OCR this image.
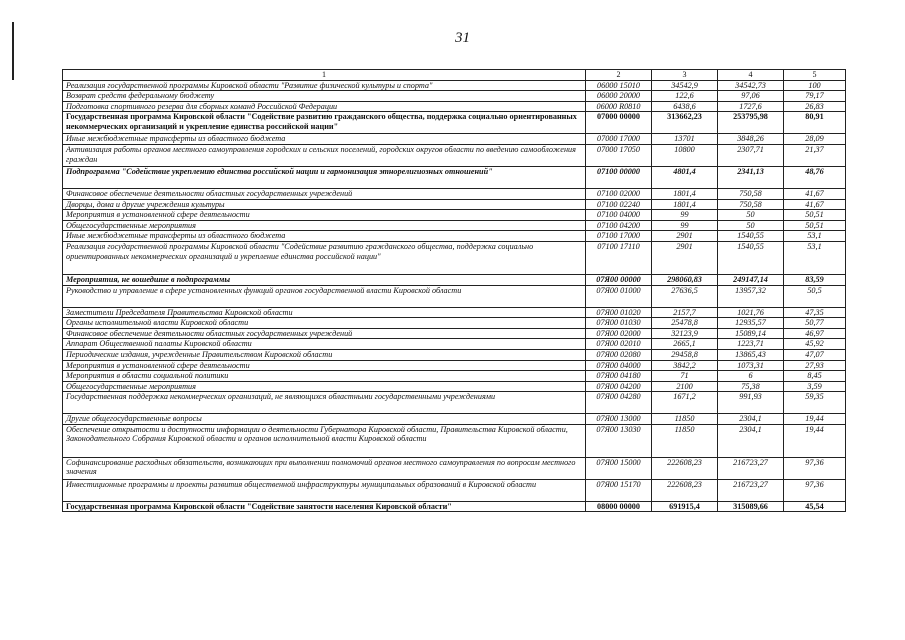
31
1	2	3	4	5
Реализация государственной программы Кировской области "Развитие физической культуры и спорта"	06000 15010	34542,9	34542,73	100
Возврат средств федеральному бюджету	06000 20000	122,6	97,06	79,17
Подготовка спортивного резерва для сборных команд Российской Федерации	06000 R0810	6438,6	1727,6	26,83
Государственная программа Кировской области "Содействие развитию гражданского общества, поддержка социально ориентированных некоммерческих организаций и укрепление единства российской нации"	07000 00000	313662,23	253795,98	80,91
Иные межбюджетные трансферты из областного бюджета	07000 17000	13701	3848,26	28,09
Активизация работы органов местного самоуправления городских и сельских поселений, городских округов области по введению самообложения граждан	07000 17050	10800	2307,71	21,37
Подпрограмма "Содействие укреплению единства российской нации и гармонизация этнорелигиозных отношений"	07100 00000	4801,4	2341,13	48,76
Финансовое обеспечение деятельности областных государственных учреждений	07100 02000	1801,4	750,58	41,67
Дворцы, дома и другие учреждения культуры	07100 02240	1801,4	750,58	41,67
Мероприятия в установленной сфере деятельности	07100 04000	99	50	50,51
Общегосударственные мероприятия	07100 04200	99	50	50,51
Иные межбюджетные трансферты из областного бюджета	07100 17000	2901	1540,55	53,1
Реализация государственной программы Кировской области "Содействие развитию гражданского общества, поддержка социально ориентированных некоммерческих организаций и укрепление единства российской нации"	07100 17110	2901	1540,55	53,1
Мероприятия, не вошедшие в подпрограммы	07Я00 00000	298060,83	249147,14	83,59
Руководство и управление в сфере установленных функций органов государственной власти Кировской области	07Я00 01000	27636,5	13957,32	50,5
Заместители Председателя Правительства Кировской области	07Я00 01020	2157,7	1021,76	47,35
Органы исполнительной власти Кировской области	07Я00 01030	25478,8	12935,57	50,77
Финансовое обеспечение деятельности областных государственных учреждений	07Я00 02000	32123,9	15089,14	46,97
Аппарат Общественной палаты Кировской области	07Я00 02010	2665,1	1223,71	45,92
Периодические издания, учрежденные Правительством Кировской области	07Я00 02080	29458,8	13865,43	47,07
Мероприятия в установленной сфере деятельности	07Я00 04000	3842,2	1073,31	27,93
Мероприятия в области социальной политики	07Я00 04180	71	6	8,45
Общегосударственные мероприятия	07Я00 04200	2100	75,38	3,59
Государственная поддержка некоммерческих организаций, не являющихся областными государственными учреждениями	07Я00 04280	1671,2	991,93	59,35
Другие общегосударственные вопросы	07Я00 13000	11850	2304,1	19,44
Обеспечение открытости и доступности информации о деятельности Губернатора Кировской области, Правительства Кировской области, Законодательного Собрания Кировской области и органов исполнительной власти Кировской области	07Я00 13030	11850	2304,1	19,44
Софинансирование расходных обязательств, возникающих при выполнении полномочий органов местного самоуправления по вопросам местного значения	07Я00 15000	222608,23	216723,27	97,36
Инвестиционные программы и проекты развития общественной инфраструктуры муниципальных образований в Кировской области	07Я00 15170	222608,23	216723,27	97,36
Государственная программа Кировской области "Содействие занятости населения Кировской области"	08000 00000	691915,4	315089,66	45,54
